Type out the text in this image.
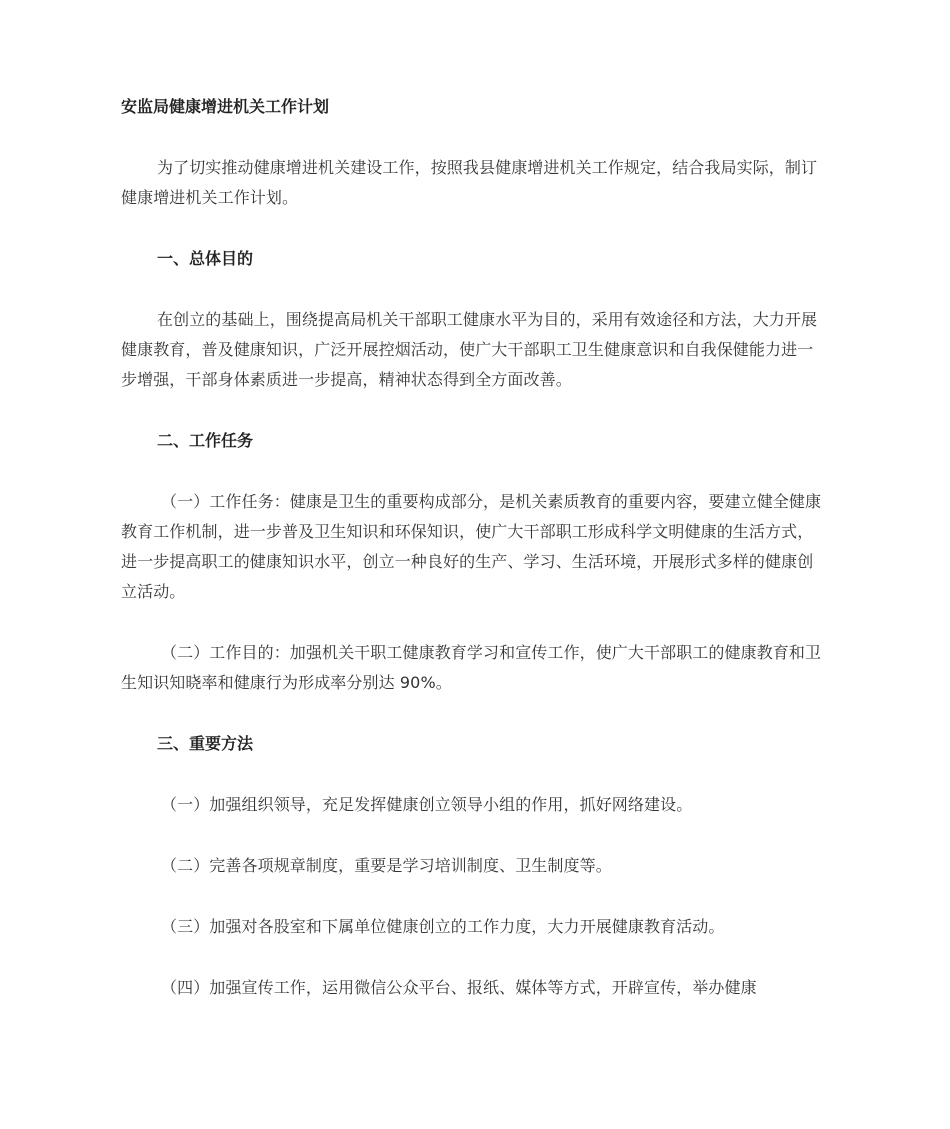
安监局健康增进机关工作计划
为了切实推动健康增进机关建设工作，按照我县健康增进机关工作规定，结合我局实际，制订健康增进机关工作计划。
一、总体目的
在创立的基础上，围绕提高局机关干部职工健康水平为目的，采用有效途径和方法，大力开展健康教育，普及健康知识，广泛开展控烟活动，使广大干部职工卫生健康意识和自我保健能力进一步增强，干部身体素质进一步提高，精神状态得到全方面改善。
二、工作任务
（一）工作任务：健康是卫生的重要构成部分，是机关素质教育的重要内容，要建立健全健康教育工作机制，进一步普及卫生知识和环保知识，使广大干部职工形成科学文明健康的生活方式，进一步提高职工的健康知识水平，创立一种良好的生产、学习、生活环境，开展形式多样的健康创立活动。
（二）工作目的：加强机关干职工健康教育学习和宣传工作，使广大干部职工的健康教育和卫生知识知晓率和健康行为形成率分别达 90%。
三、重要方法
（一）加强组织领导，充足发挥健康创立领导小组的作用，抓好网络建设。
（二）完善各项规章制度，重要是学习培训制度、卫生制度等。
（三）加强对各股室和下属单位健康创立的工作力度，大力开展健康教育活动。
（四）加强宣传工作，运用微信公众平台、报纸、媒体等方式，开辟宣传，举办健康
